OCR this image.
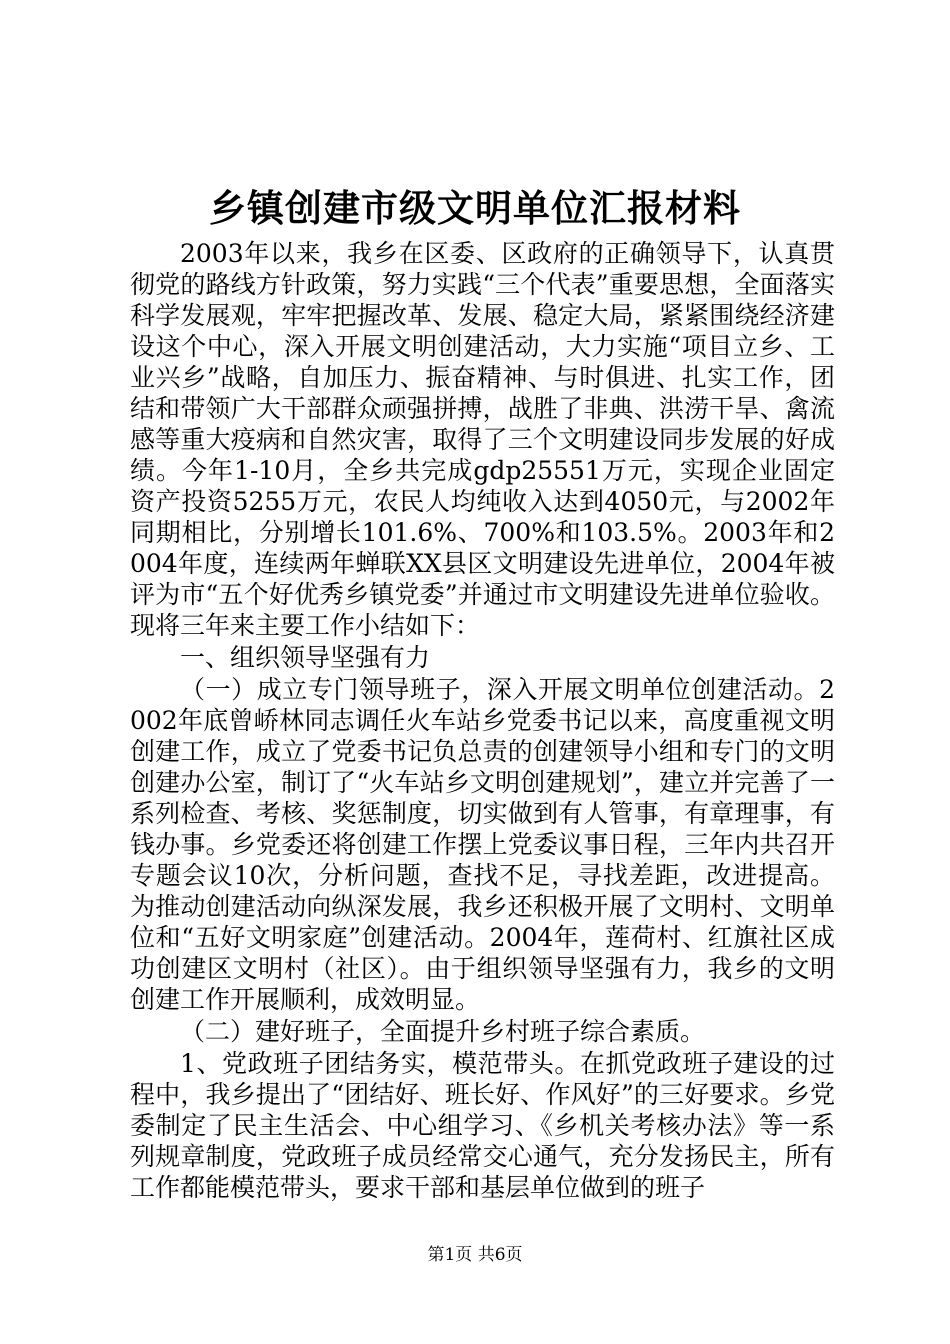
乡镇创建市级文明单位汇报材料

2003年以来，我乡在区委、区政府的正确领导下，认真贯彻党的路线方针政策，努力实践“三个代表”重要思想，全面落实科学发展观，牢牢把握改革、发展、稳定大局，紧紧围绕经济建设这个中心，深入开展文明创建活动，大力实施“项目立乡、工业兴乡”战略，自加压力、振奋精神、与时俱进、扎实工作，团结和带领广大干部群众顽强拼搏，战胜了非典、洪涝干旱、禽流感等重大疫病和自然灾害，取得了三个文明建设同步发展的好成绩。今年1-10月，全乡共完成gdp25551万元，实现企业固定资产投资5255万元，农民人均纯收入达到4050元，与2002年同期相比，分别增长101.6%、700%和103.5%。2003年和2004年度，连续两年蝉联XX县区文明建设先进单位，2004年被评为市“五个好优秀乡镇党委”并通过市文明建设先进单位验收。现将三年来主要工作小结如下：

一、组织领导坚强有力

（一）成立专门领导班子，深入开展文明单位创建活动。2002年底曾峤林同志调任火车站乡党委书记以来，高度重视文明创建工作，成立了党委书记负总责的创建领导小组和专门的文明创建办公室，制订了“火车站乡文明创建规划”，建立并完善了一系列检查、考核、奖惩制度，切实做到有人管事，有章理事，有钱办事。乡党委还将创建工作摆上党委议事日程，三年内共召开专题会议10次，分析问题，查找不足，寻找差距，改进提高。为推动创建活动向纵深发展，我乡还积极开展了文明村、文明单位和“五好文明家庭”创建活动。2004年，莲荷村、红旗社区成功创建区文明村（社区）。由于组织领导坚强有力，我乡的文明创建工作开展顺利，成效明显。

（二）建好班子，全面提升乡村班子综合素质。

1、党政班子团结务实，模范带头。在抓党政班子建设的过程中，我乡提出了“团结好、班长好、作风好”的三好要求。乡党委制定了民主生活会、中心组学习、《乡机关考核办法》等一系列规章制度，党政班子成员经常交心通气，充分发扬民主，所有工作都能模范带头，要求干部和基层单位做到的班子

第1页 共6页
